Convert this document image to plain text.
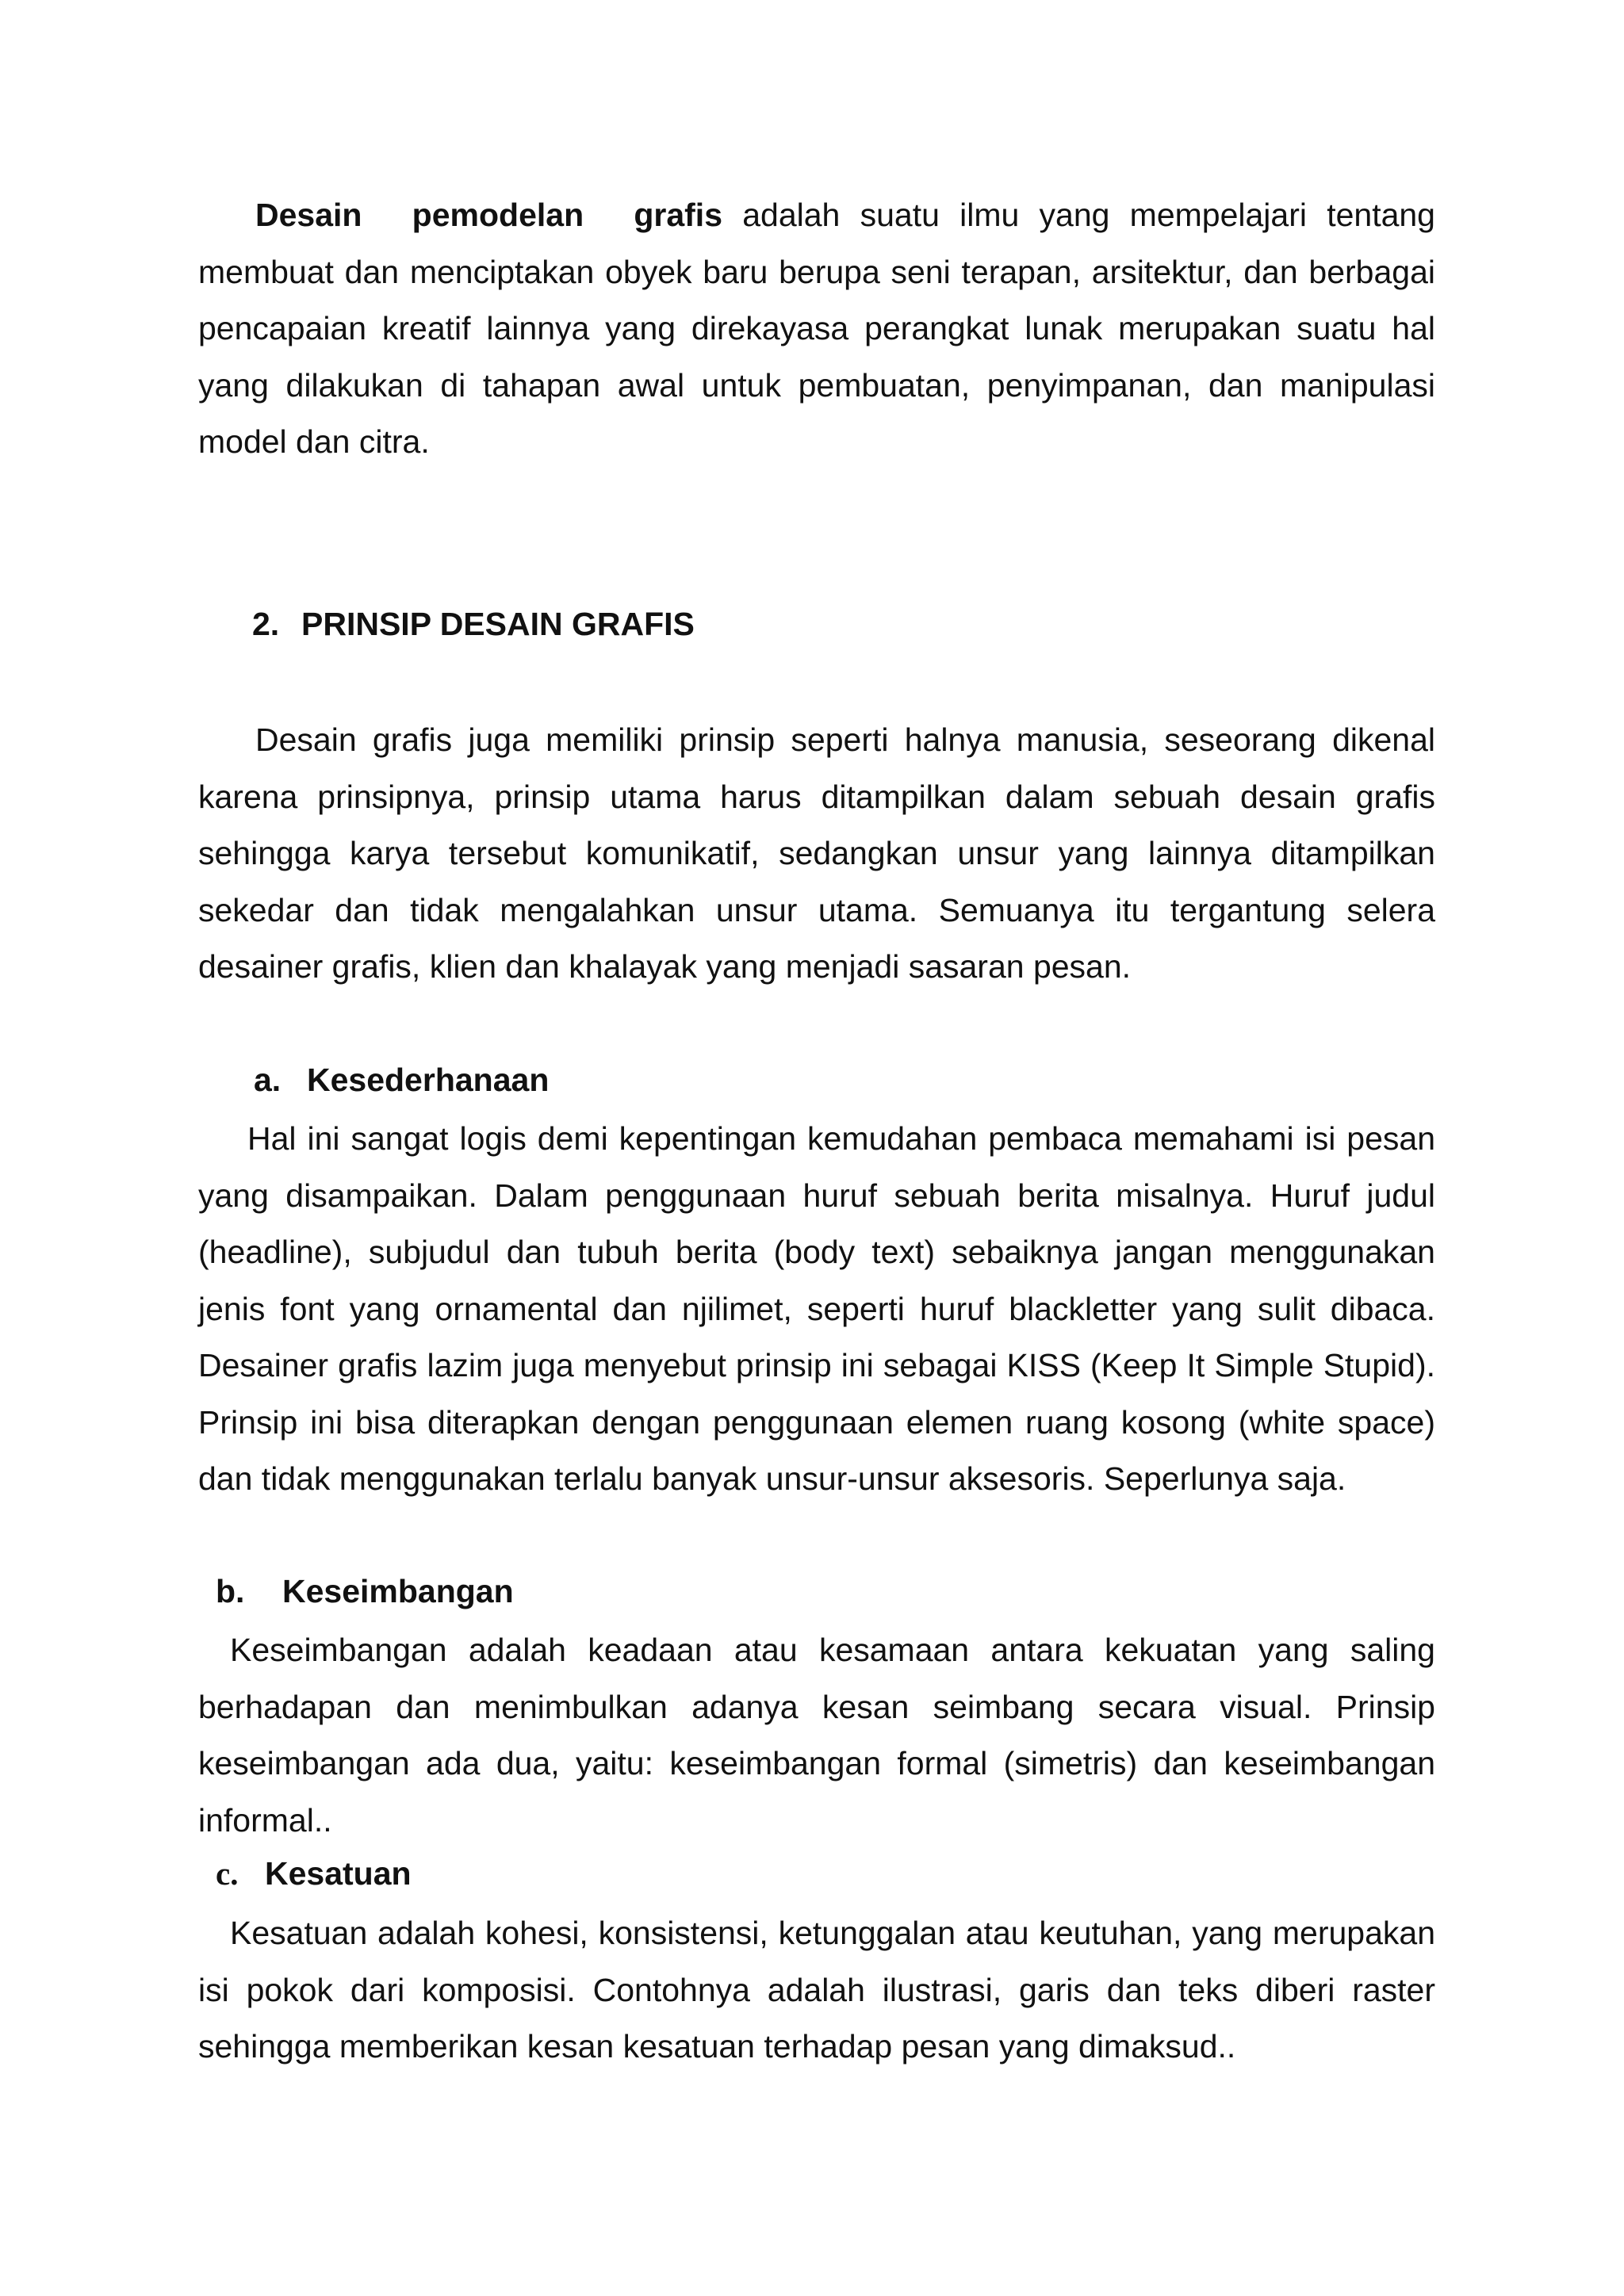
Desain pemodelan grafis adalah suatu ilmu yang mempelajari tentang membuat dan menciptakan obyek baru berupa seni terapan, arsitektur, dan berbagai pencapaian kreatif lainnya yang direkayasa perangkat lunak merupakan suatu hal yang dilakukan di tahapan awal untuk pembuatan, penyimpanan, dan manipulasi model dan citra.

2. PRINSIP DESAIN GRAFIS

Desain grafis juga memiliki prinsip seperti halnya manusia, seseorang dikenal karena prinsipnya, prinsip utama harus ditampilkan dalam sebuah desain grafis sehingga karya tersebut komunikatif, sedangkan unsur yang lainnya ditampilkan sekedar dan tidak mengalahkan unsur utama. Semuanya itu tergantung selera desainer grafis, klien dan khalayak yang menjadi sasaran pesan.

a. Kesederhanaan

Hal ini sangat logis demi kepentingan kemudahan pembaca memahami isi pesan yang disampaikan. Dalam penggunaan huruf sebuah berita misalnya. Huruf judul (headline), subjudul dan tubuh berita (body text) sebaiknya jangan menggunakan jenis font yang ornamental dan njilimet, seperti huruf blackletter yang sulit dibaca. Desainer grafis lazim juga menyebut prinsip ini sebagai KISS (Keep It Simple Stupid). Prinsip ini bisa diterapkan dengan penggunaan elemen ruang kosong (white space) dan tidak menggunakan terlalu banyak unsur-unsur aksesoris. Seperlunya saja.

b. Keseimbangan

Keseimbangan adalah keadaan atau kesamaan antara kekuatan yang saling berhadapan dan menimbulkan adanya kesan seimbang secara visual. Prinsip keseimbangan ada dua, yaitu: keseimbangan formal (simetris) dan keseimbangan informal..

c. Kesatuan

Kesatuan adalah kohesi, konsistensi, ketunggalan atau keutuhan, yang merupakan isi pokok dari komposisi. Contohnya adalah ilustrasi, garis dan teks diberi raster sehingga memberikan kesan kesatuan terhadap pesan yang dimaksud..
